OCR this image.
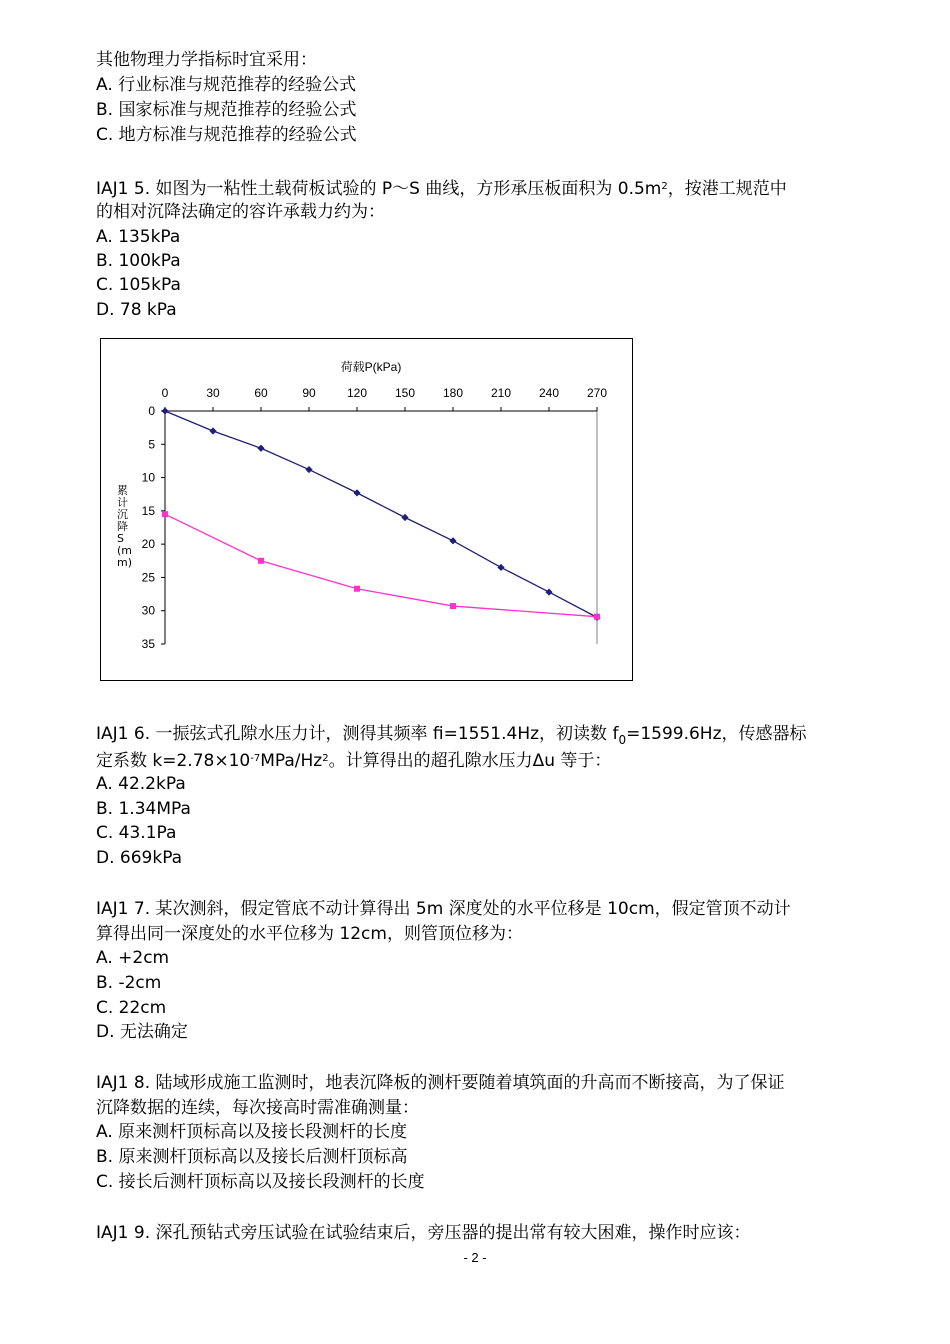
其他物理力学指标时宜采用：
A. 行业标准与规范推荐的经验公式
B. 国家标准与规范推荐的经验公式
C. 地方标准与规范推荐的经验公式
ⅠAJ1 5. 如图为一粘性土载荷板试验的 P～S 曲线，方形承压板面积为 $0.5m^2$，按港工规范中
的相对沉降法确定的容许承载力约为：
A. 135kPa
B. 100kPa
C. 105kPa
D. 78 kPa
荷载P(kPa)
0	30	60	90	120 150 180 210 240 270
0
5
10
15
20
25
30
35
累计沉降S(mm)
ⅠAJ1 6. 一振弦式孔隙水压力计，测得其频率 fi=1551.4Hz，初读数 $f_0=1599.6Hz$，传感器标
定系数 $k=2.78\times 10^{-7}MPa/Hz^2$。计算得出的超孔隙水压力Δu 等于：
A. 42.2kPa
B. 1.34MPa
C. 43.1Pa
D. 669kPa
ⅠAJ1 7. 某次测斜，假定管底不动计算得出 5m 深度处的水平位移是 10cm，假定管顶不动计
算得出同一深度处的水平位移为 12cm，则管顶位移为：
A. +2cm
B. -2cm
C. 22cm
D. 无法确定
ⅠAJ1 8. 陆域形成施工监测时，地表沉降板的测杆要随着填筑面的升高而不断接高，为了保证
沉降数据的连续，每次接高时需准确测量：
A. 原来测杆顶标高以及接长段测杆的长度
B. 原来测杆顶标高以及接长后测杆顶标高
C. 接长后测杆顶标高以及接长段测杆的长度
ⅠAJ1 9. 深孔预钻式旁压试验在试验结束后，旁压器的提出常有较大困难，操作时应该：
- 2 -
